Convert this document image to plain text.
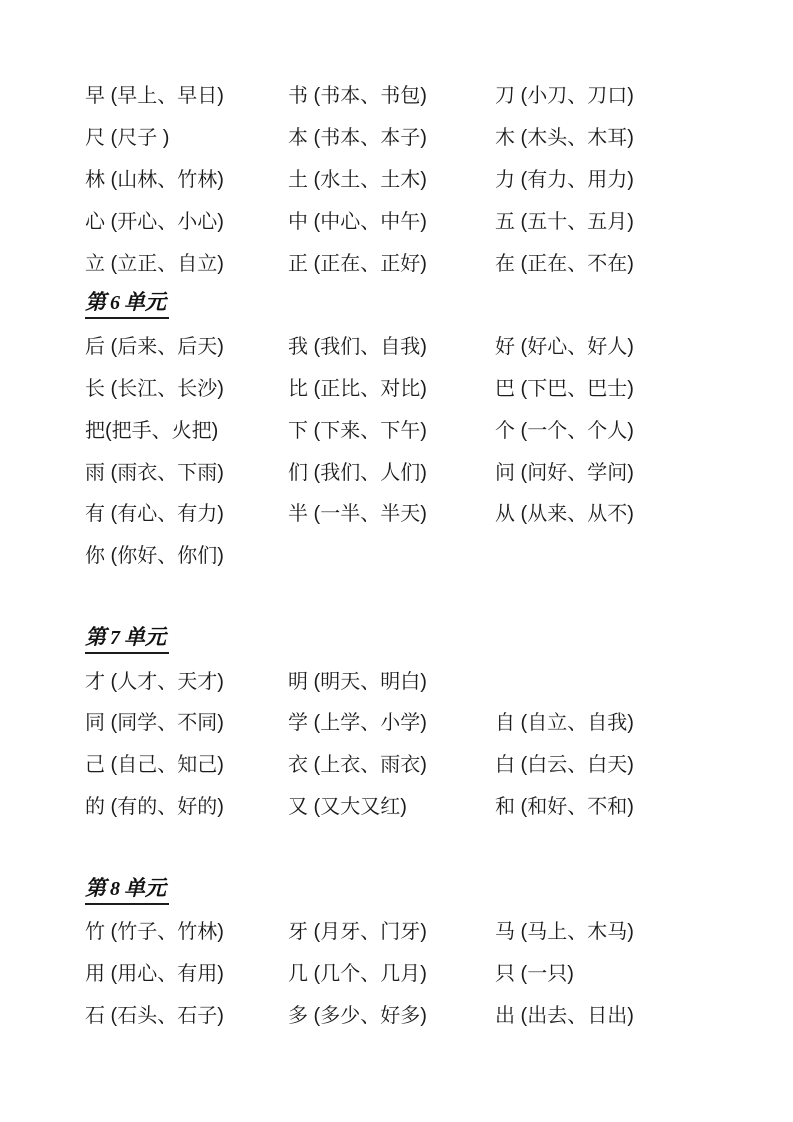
早 (早上、早日)	书 (书本、书包)	刀 (小刀、刀口)
尺 (尺子 )	本 (书本、本子)	木 (木头、木耳)
林 (山林、竹林)	土 (水土、土木)	力 (有力、用力)
心 (开心、小心)	中 (中心、中午)	五 (五十、五月)
立 (立正、自立)	正 (正在、正好)	在 (正在、不在)
第 6 单元
后 (后来、后天)	我 (我们、自我)	好 (好心、好人)
长 (长江、长沙)	比 (正比、对比)	巴 (下巴、巴士)
把(把手、火把)	下 (下来、下午)	个 (一个、个人)
雨 (雨衣、下雨)	们 (我们、人们)	问 (问好、学问)
有 (有心、有力)	半 (一半、半天)	从 (从来、从不)
你 (你好、你们)
第 7 单元
才 (人才、天才)	明 (明天、明白)
同 (同学、不同)	学 (上学、小学)	自 (自立、自我)
己 (自己、知己)	衣 (上衣、雨衣)	白 (白云、白天)
的 (有的、好的)	又 (又大又红)	和 (和好、不和)
第 8 单元
竹 (竹子、竹林)	牙 (月牙、门牙)	马 (马上、木马)
用 (用心、有用)	几 (几个、几月)	只 (一只)
石 (石头、石子)	多 (多少、好多)	出 (出去、日出)
